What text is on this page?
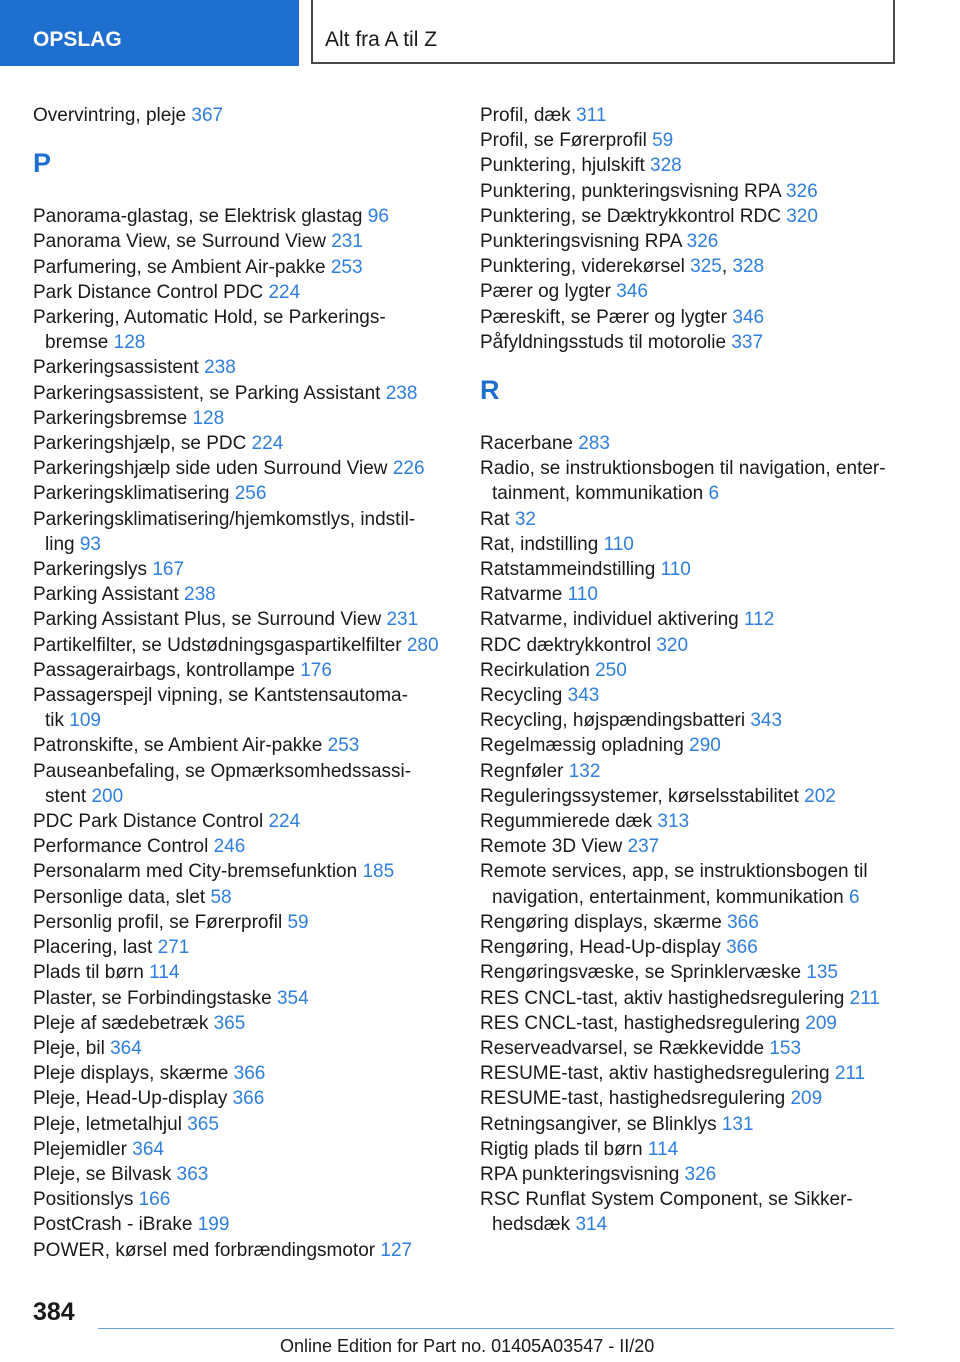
OPSLAG	Alt fra A til Z
Overvintring, pleje 367
P
Panorama-glastag, se Elektrisk glastag 96
Panorama View, se Surround View 231
Parfumering, se Ambient Air-pakke 253
Park Distance Control PDC 224
Parkering, Automatic Hold, se Parkerings-
bremse 128
Parkeringsassistent 238
Parkeringsassistent, se Parking Assistant 238
Parkeringsbremse 128
Parkeringshjælp, se PDC 224
Parkeringshjælp side uden Surround View 226
Parkeringsklimatisering 256
Parkeringsklimatisering/hjemkomstlys, indstil-
ling 93
Parkeringslys 167
Parking Assistant 238
Parking Assistant Plus, se Surround View 231
Partikelfilter, se Udstødningsgaspartikelfilter 280
Passagerairbags, kontrollampe 176
Passagerspejl vipning, se Kantstensautoma-
tik 109
Patronskifte, se Ambient Air-pakke 253
Pauseanbefaling, se Opmærksomhedssassi-
stent 200
PDC Park Distance Control 224
Performance Control 246
Personalarm med City-bremsefunktion 185
Personlige data, slet 58
Personlig profil, se Førerprofil 59
Placering, last 271
Plads til børn 114
Plaster, se Forbindingstaske 354
Pleje af sædebetræk 365
Pleje, bil 364
Pleje displays, skærme 366
Pleje, Head-Up-display 366
Pleje, letmetalhjul 365
Plejemidler 364
Pleje, se Bilvask 363
Positionslys 166
PostCrash - iBrake 199
POWER, kørsel med forbrændingsmotor 127
Profil, dæk 311
Profil, se Førerprofil 59
Punktering, hjulskift 328
Punktering, punkteringsvisning RPA 326
Punktering, se Dæktrykkontrol RDC 320
Punkteringsvisning RPA 326
Punktering, viderekørsel 325, 328
Pærer og lygter 346
Pæreskift, se Pærer og lygter 346
Påfyldningsstuds til motorolie 337
R
Racerbane 283
Radio, se instruktionsbogen til navigation, enter-
tainment, kommunikation 6
Rat 32
Rat, indstilling 110
Ratstammeindstilling 110
Ratvarme 110
Ratvarme, individuel aktivering 112
RDC dæktrykkontrol 320
Recirkulation 250
Recycling 343
Recycling, højspændingsbatteri 343
Regelmæssig opladning 290
Regnføler 132
Reguleringssystemer, kørselsstabilitet 202
Regummierede dæk 313
Remote 3D View 237
Remote services, app, se instruktionsbogen til
navigation, entertainment, kommunikation 6
Rengøring displays, skærme 366
Rengøring, Head-Up-display 366
Rengøringsvæske, se Sprinklervæske 135
RES CNCL-tast, aktiv hastighedsregulering 211
RES CNCL-tast, hastighedsregulering 209
Reserveadvarsel, se Rækkevidde 153
RESUME-tast, aktiv hastighedsregulering 211
RESUME-tast, hastighedsregulering 209
Retningsangiver, se Blinklys 131
Rigtig plads til børn 114
RPA punkteringsvisning 326
RSC Runflat System Component, se Sikker-
hedsdæk 314
384
Online Edition for Part no. 01405A03547 - II/20
